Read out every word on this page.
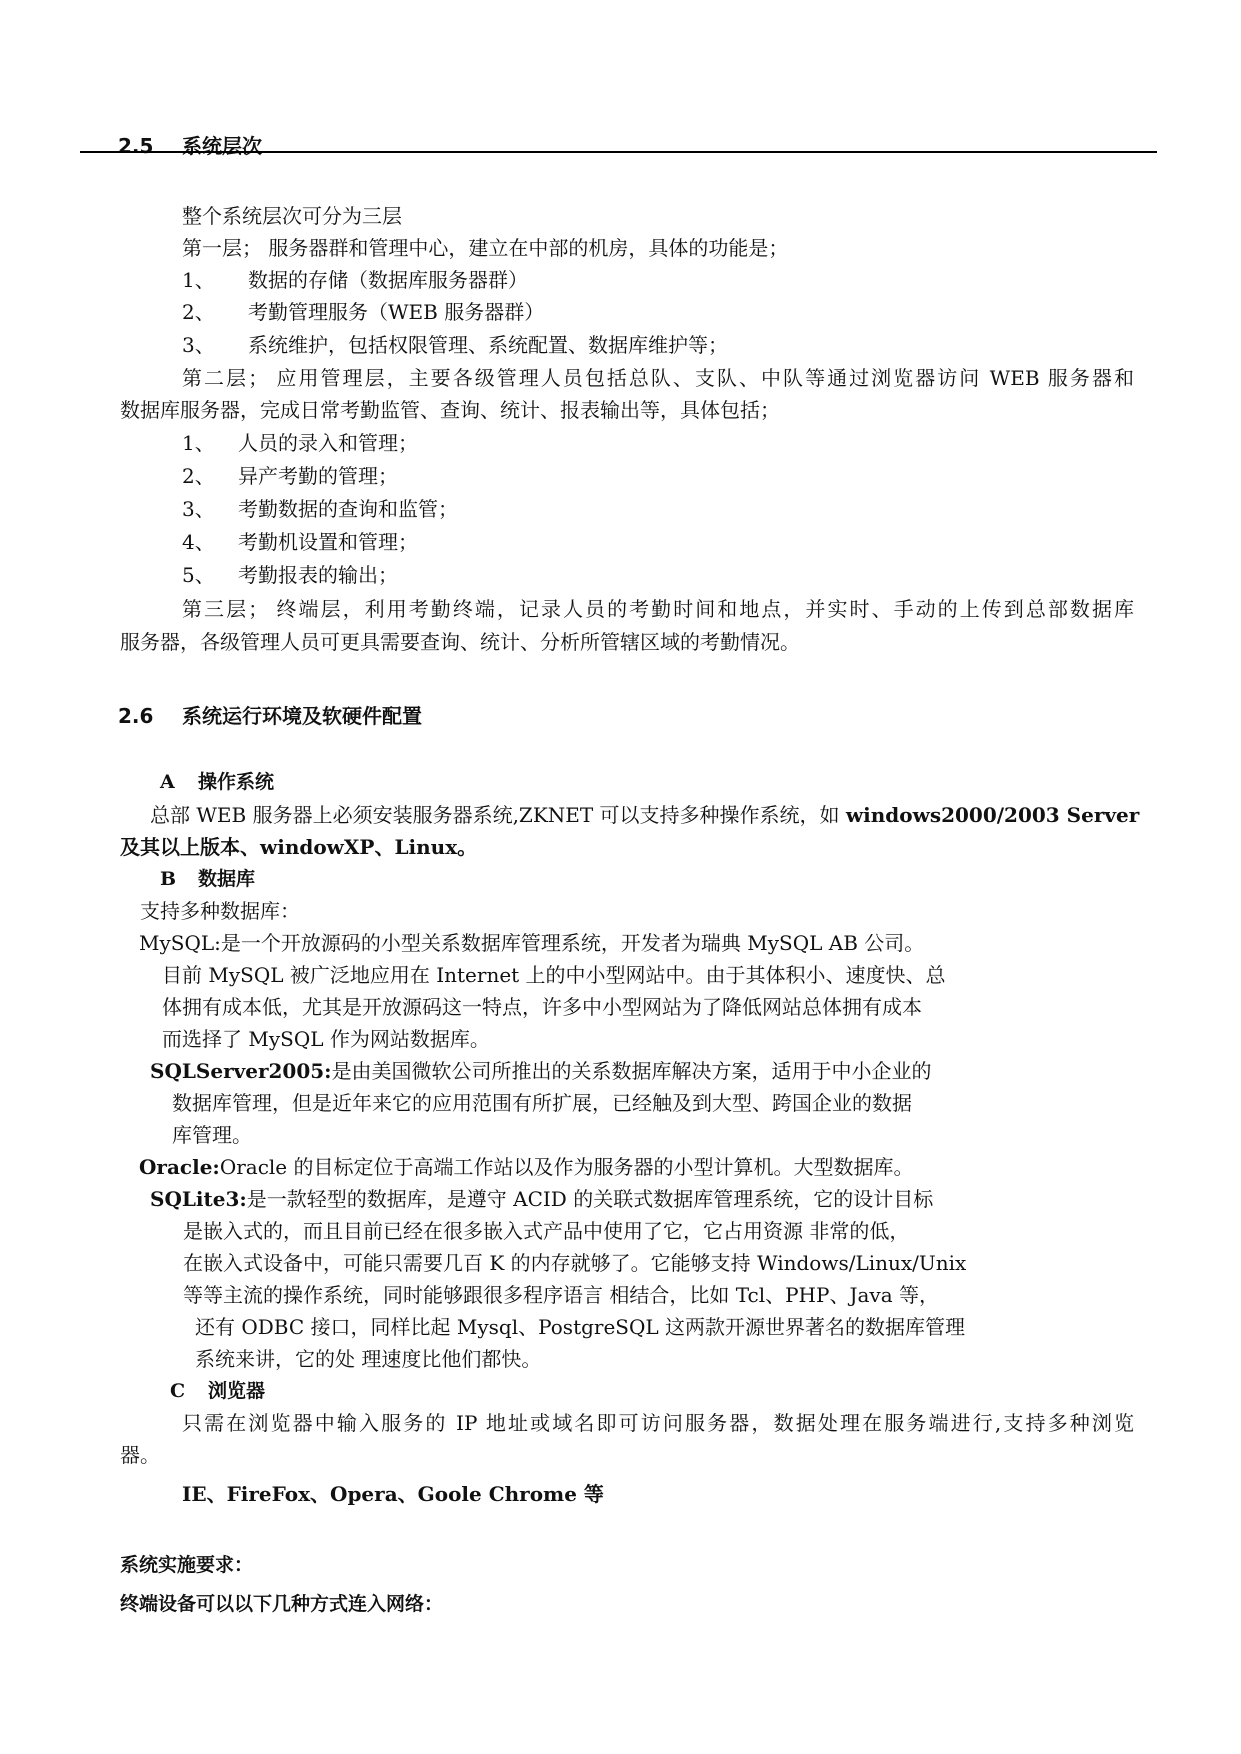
2.5 系统层次
整个系统层次可分为三层
第一层； 服务器群和管理中心，建立在中部的机房，具体的功能是；
1、 数据的存储（数据库服务器群）
2、 考勤管理服务（WEB 服务器群）
3、 系统维护，包括权限管理、系统配置、数据库维护等；
第二层； 应用管理层，主要各级管理人员包括总队、支队、中队等通过浏览器访问 WEB 服务器和
数据库服务器，完成日常考勤监管、查询、统计、报表输出等，具体包括；
1、 人员的录入和管理；
2、 异产考勤的管理；
3、 考勤数据的查询和监管；
4、 考勤机设置和管理；
5、 考勤报表的输出；
第三层； 终端层，利用考勤终端，记录人员的考勤时间和地点，并实时、手动的上传到总部数据库
服务器，各级管理人员可更具需要查询、统计、分析所管辖区域的考勤情况。
2.6 系统运行环境及软硬件配置
A 操作系统
总部 WEB 服务器上必须安装服务器系统,ZKNET 可以支持多种操作系统，如 windows2000/2003 Server
及其以上版本、windowXP、Linux。
B 数据库
支持多种数据库：
MySQL:是一个开放源码的小型关系数据库管理系统，开发者为瑞典 MySQL AB 公司。
目前 MySQL 被广泛地应用在 Internet 上的中小型网站中。由于其体积小、速度快、总
体拥有成本低，尤其是开放源码这一特点，许多中小型网站为了降低网站总体拥有成本
而选择了 MySQL 作为网站数据库。
SQLServer2005:是由美国微软公司所推出的关系数据库解决方案，适用于中小企业的
数据库管理，但是近年来它的应用范围有所扩展，已经触及到大型、跨国企业的数据
库管理。
Oracle:Oracle 的目标定位于高端工作站以及作为服务器的小型计算机。大型数据库。
SQLite3:是一款轻型的数据库，是遵守 ACID 的关联式数据库管理系统，它的设计目标
是嵌入式的，而且目前已经在很多嵌入式产品中使用了它，它占用资源 非常的低，
在嵌入式设备中，可能只需要几百 K 的内存就够了。它能够支持 Windows/Linux/Unix
等等主流的操作系统，同时能够跟很多程序语言 相结合，比如 Tcl、PHP、Java 等，
还有 ODBC 接口，同样比起 Mysql、PostgreSQL 这两款开源世界著名的数据库管理
系统来讲，它的处 理速度比他们都快。
C 浏览器
只需在浏览器中输入服务的 IP 地址或域名即可访问服务器，数据处理在服务端进行,支持多种浏览
器。
IE、FireFox、Opera、Goole Chrome 等
系统实施要求：
终端设备可以以下几种方式连入网络：
